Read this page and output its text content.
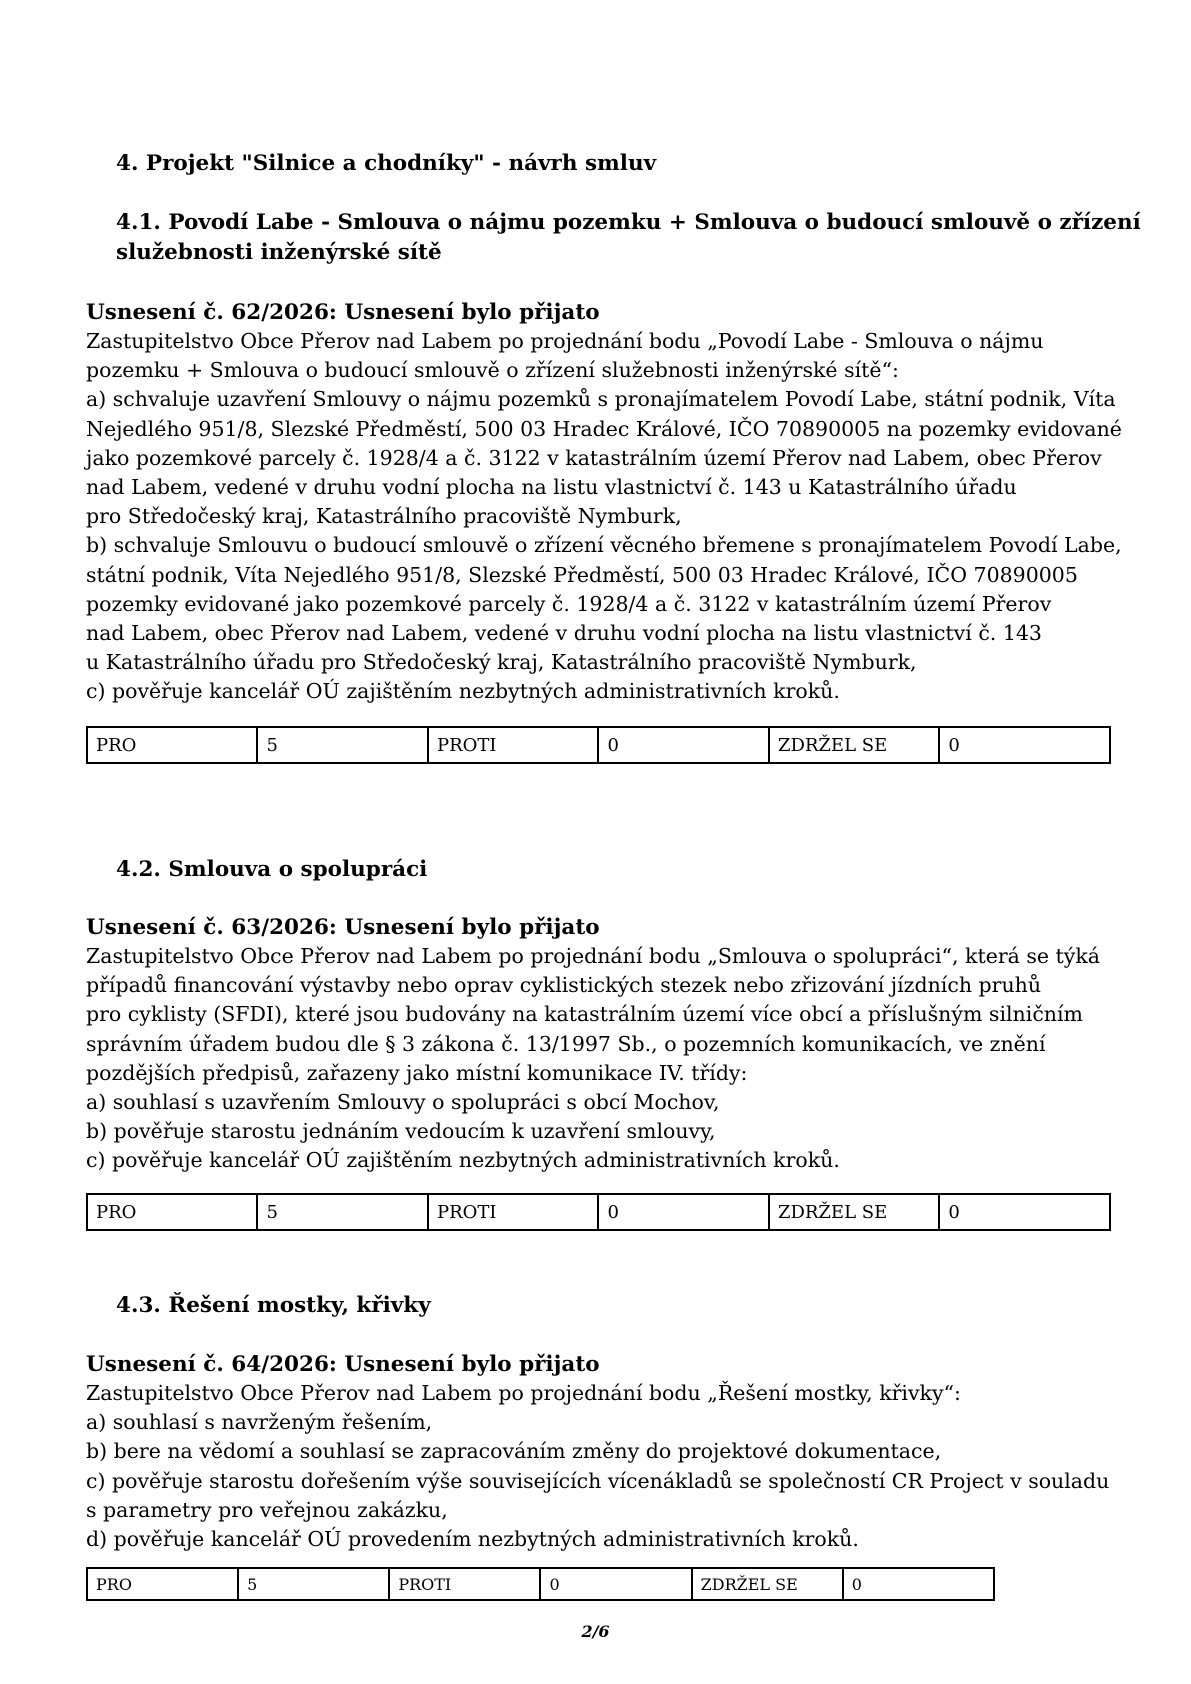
4. Projekt "Silnice a chodníky" - návrh smluv
4.1. Povodí Labe - Smlouva o nájmu pozemku + Smlouva o budoucí smlouvě o zřízení
služebnosti inženýrské sítě
Usnesení č. 62/2026: Usnesení bylo přijato
Zastupitelstvo Obce Přerov nad Labem po projednání bodu „Povodí Labe - Smlouva o nájmu
pozemku + Smlouva o budoucí smlouvě o zřízení služebnosti inženýrské sítě“:
a) schvaluje uzavření Smlouvy o nájmu pozemků s pronajímatelem Povodí Labe, státní podnik, Víta
Nejedlého 951/8, Slezské Předměstí, 500 03 Hradec Králové, IČO 70890005 na pozemky evidované
jako pozemkové parcely č. 1928/4 a č. 3122 v katastrálním území Přerov nad Labem, obec Přerov
nad Labem, vedené v druhu vodní plocha na listu vlastnictví č. 143 u Katastrálního úřadu
pro Středočeský kraj, Katastrálního pracoviště Nymburk,
b) schvaluje Smlouvu o budoucí smlouvě o zřízení věcného břemene s pronajímatelem Povodí Labe,
státní podnik, Víta Nejedlého 951/8, Slezské Předměstí, 500 03 Hradec Králové, IČO 70890005
pozemky evidované jako pozemkové parcely č. 1928/4 a č. 3122 v katastrálním území Přerov
nad Labem, obec Přerov nad Labem, vedené v druhu vodní plocha na listu vlastnictví č. 143
u Katastrálního úřadu pro Středočeský kraj, Katastrálního pracoviště Nymburk,
c) pověřuje kancelář OÚ zajištěním nezbytných administrativních kroků.
PRO	5	PROTI	0	ZDRŽEL SE	0
4.2. Smlouva o spolupráci
Usnesení č. 63/2026: Usnesení bylo přijato
Zastupitelstvo Obce Přerov nad Labem po projednání bodu „Smlouva o spolupráci“, která se týká
případů financování výstavby nebo oprav cyklistických stezek nebo zřizování jízdních pruhů
pro cyklisty (SFDI), které jsou budovány na katastrálním území více obcí a příslušným silničním
správním úřadem budou dle § 3 zákona č. 13/1997 Sb., o pozemních komunikacích, ve znění
pozdějších předpisů, zařazeny jako místní komunikace IV. třídy:
a) souhlasí s uzavřením Smlouvy o spolupráci s obcí Mochov,
b) pověřuje starostu jednáním vedoucím k uzavření smlouvy,
c) pověřuje kancelář OÚ zajištěním nezbytných administrativních kroků.
PRO	5	PROTI	0	ZDRŽEL SE	0
4.3. Řešení mostky, křivky
Usnesení č. 64/2026: Usnesení bylo přijato
Zastupitelstvo Obce Přerov nad Labem po projednání bodu „Řešení mostky, křivky“:
a) souhlasí s navrženým řešením,
b) bere na vědomí a souhlasí se zapracováním změny do projektové dokumentace,
c) pověřuje starostu dořešením výše souvisejících vícenákladů se společností CR Project v souladu
s parametry pro veřejnou zakázku,
d) pověřuje kancelář OÚ provedením nezbytných administrativních kroků.
PRO	5	PROTI	0	ZDRŽEL SE	0
2/6
